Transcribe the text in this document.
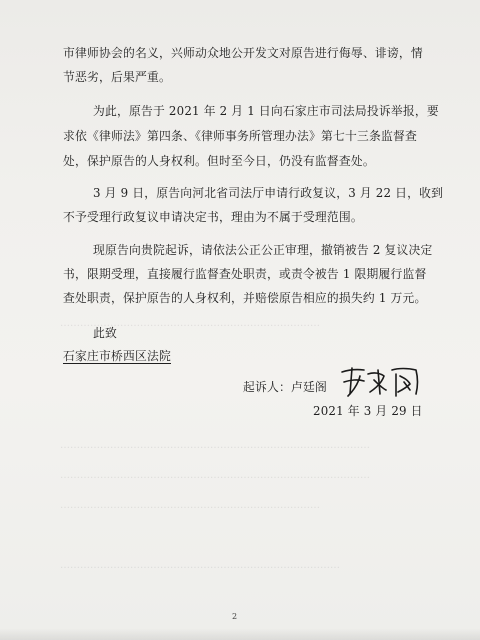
……………………………………………………………………
…………………………………………………………………………………
…………………………………………………………………………………
……………………………………………………………………
…………………………………………………………………………
市律师协会的名义，兴师动众地公开发文对原告进行侮辱、诽谤，情
节恶劣，后果严重。
为此，原告于 2021 年 2 月 1 日向石家庄市司法局投诉举报，要
求依《律师法》第四条、《律师事务所管理办法》第七十三条监督查
处，保护原告的人身权利。但时至今日，仍没有监督查处。
3 月 9 日，原告向河北省司法厅申请行政复议，3 月 22 日，收到
不予受理行政复议申请决定书，理由为不属于受理范围。
现原告向贵院起诉，请依法公正公正审理，撤销被告 2 复议决定
书，限期受理，直接履行监督查处职责，或责令被告 1 限期履行监督
查处职责，保护原告的人身权利，并赔偿原告相应的损失约 1 万元。
此致
石家庄市桥西区法院
起诉人：卢廷阁
2021 年 3 月 29 日
2
